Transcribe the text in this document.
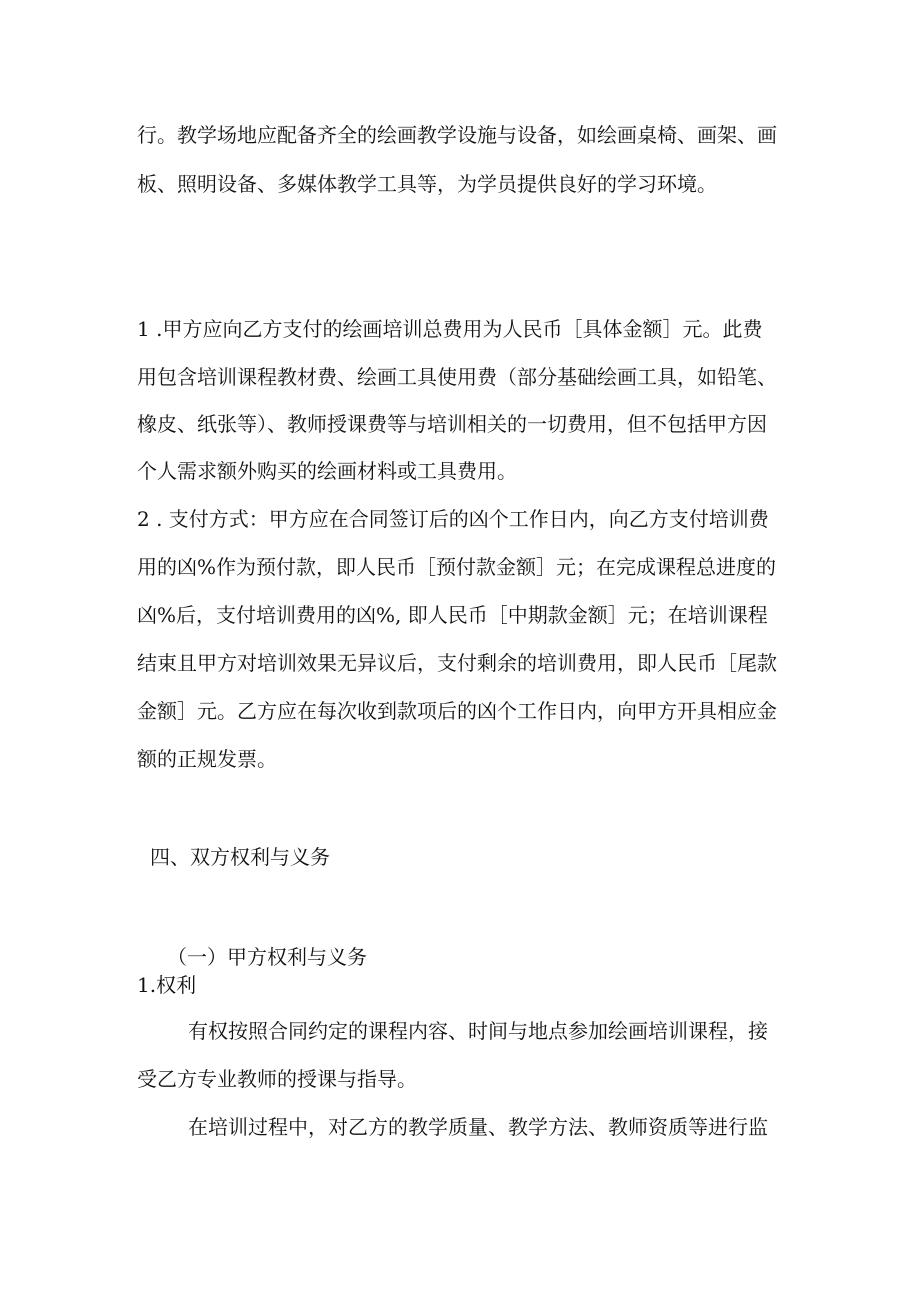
行。教学场地应配备齐全的绘画教学设施与设备，如绘画桌椅、画架、画
板、照明设备、多媒体教学工具等，为学员提供良好的学习环境。
1 .甲方应向乙方支付的绘画培训总费用为人民币［具体金额］元。此费
用包含培训课程教材费、绘画工具使用费（部分基础绘画工具，如铅笔、
橡皮、纸张等）、教师授课费等与培训相关的一切费用，但不包括甲方因
个人需求额外购买的绘画材料或工具费用。
2 . 支付方式：甲方应在合同签订后的凶个工作日内，向乙方支付培训费
用的凶%作为预付款，即人民币［预付款金额］元；在完成课程总进度的
凶%后，支付培训费用的凶%, 即人民币［中期款金额］元；在培训课程
结束且甲方对培训效果无异议后，支付剩余的培训费用，即人民币［尾款
金额］元。乙方应在每次收到款项后的凶个工作日内，向甲方开具相应金
额的正规发票。
四、双方权利与义务
（一）甲方权利与义务
1.权利
有权按照合同约定的课程内容、时间与地点参加绘画培训课程，接
受乙方专业教师的授课与指导。
在培训过程中，对乙方的教学质量、教学方法、教师资质等进行监
